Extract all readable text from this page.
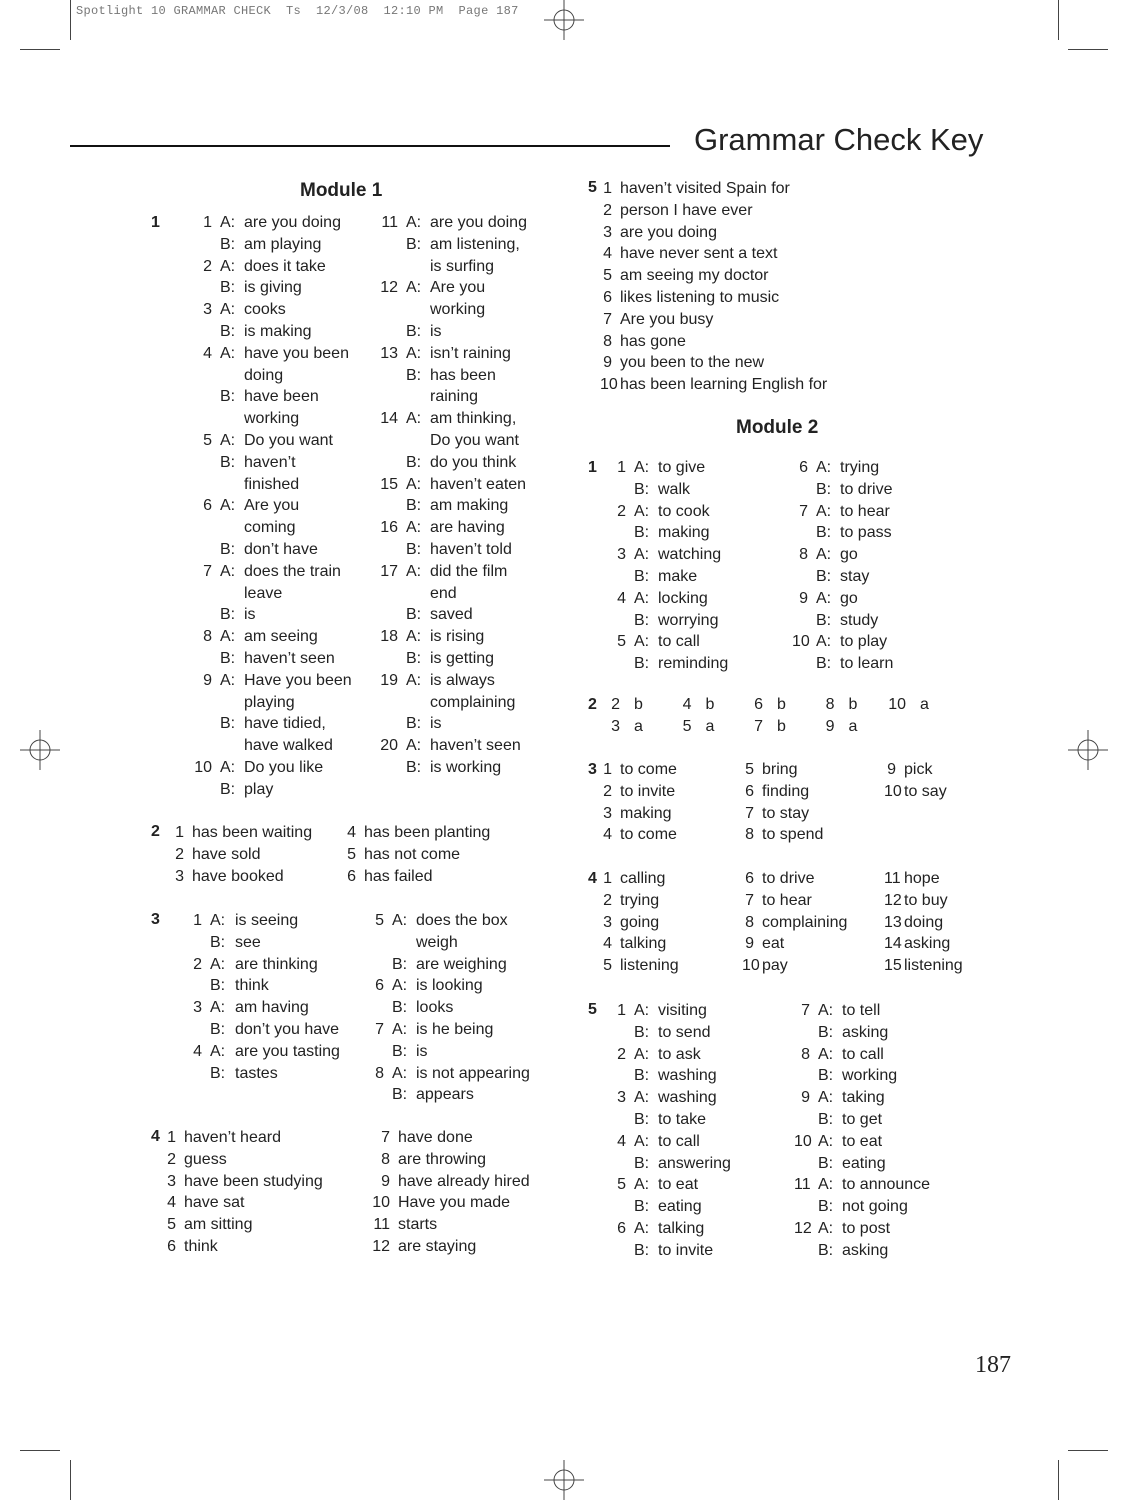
Spotlight 10 GRAMMAR CHECK  Ts  12/3/08  12:10 PM  Page 187
Grammar Check Key
Module 1
1	1 A: are you doing
B: am playing
2 A: does it take
B: is giving
3 A: cooks
B: is making
4 A: have you been
doing
B: have been
working
5 A: Do you want
B: haven’t
finished
6 A: Are you
coming
B: don’t have
7 A: does the train
leave
B: is
8 A: am seeing
B: haven’t seen
9 A: Have you been
playing
B: have tidied,
have walked
10 A: Do you like
B: play
11 A: are you doing
B: am listening,
is surfing
12 A: Are you
working
B: is
13 A: isn’t raining
B: has been
raining
14 A: am thinking,
Do you want
B: do you think
15 A: haven’t eaten
B: am making
16 A: are having
B: haven’t told
17 A: did the film
end
B: saved
18 A: is rising
B: is getting
19 A: is always
complaining
B: is
20 A: haven’t seen
B: is working
2 1 has been waiting
2 have sold
3 have booked
4 has been planting
5 has not come
6 has failed
3	1 A: is seeing
B: see
2 A: are thinking
B: think
3 A: am having
B: don’t you have
4 A: are you tasting
B: tastes
5 A: does the box
weigh
B: are weighing
6 A: is looking
B: looks
7 A: is he being
B: is
8 A: is not appearing
B: appears
4 1 haven’t heard
2 guess
3 have been studying
4 have sat
5 am sitting
6 think
7 have done
8 are throwing
9 have already hired
10 Have you made
11 starts
12 are staying
5 1 haven’t visited Spain for
2 person I have ever
3 are you doing
4 have never sent a text
5 am seeing my doctor
6 likes listening to music
7 Are you busy
8 has gone
9 you been to the new
10 has been learning English for
Module 2
1	1 A: to give
B: walk
2 A: to cook
B: making
3 A: watching
B: make
4 A: locking
B: worrying
5 A: to call
B: reminding
6 A: trying
B: to drive
7 A: to hear
B: to pass
8 A: go
B: stay
9 A: go
B: study
10 A: to play
B: to learn
2 2 b	4 b	6 b	8 b	10 a
3 a	5 a	7 b	9 a
3 1 to come
2 to invite
3 making
4 to come
5 bring
6 finding
7 to stay
8 to spend
9 pick
10 to say
4 1 calling
2 trying
3 going
4 talking
5 listening
6 to drive
7 to hear
8 complaining
9 eat
10 pay
11 hope
12 to buy
13 doing
14 asking
15 listening
5	1 A: visiting
B: to send
2 A: to ask
B: washing
3 A: washing
B: to take
4 A: to call
B: answering
5 A: to eat
B: eating
6 A: talking
B: to invite
7 A: to tell
B: asking
8 A: to call
B: working
9 A: taking
B: to get
10 A: to eat
B: eating
11 A: to announce
B: not going
12 A: to post
B: asking
187
